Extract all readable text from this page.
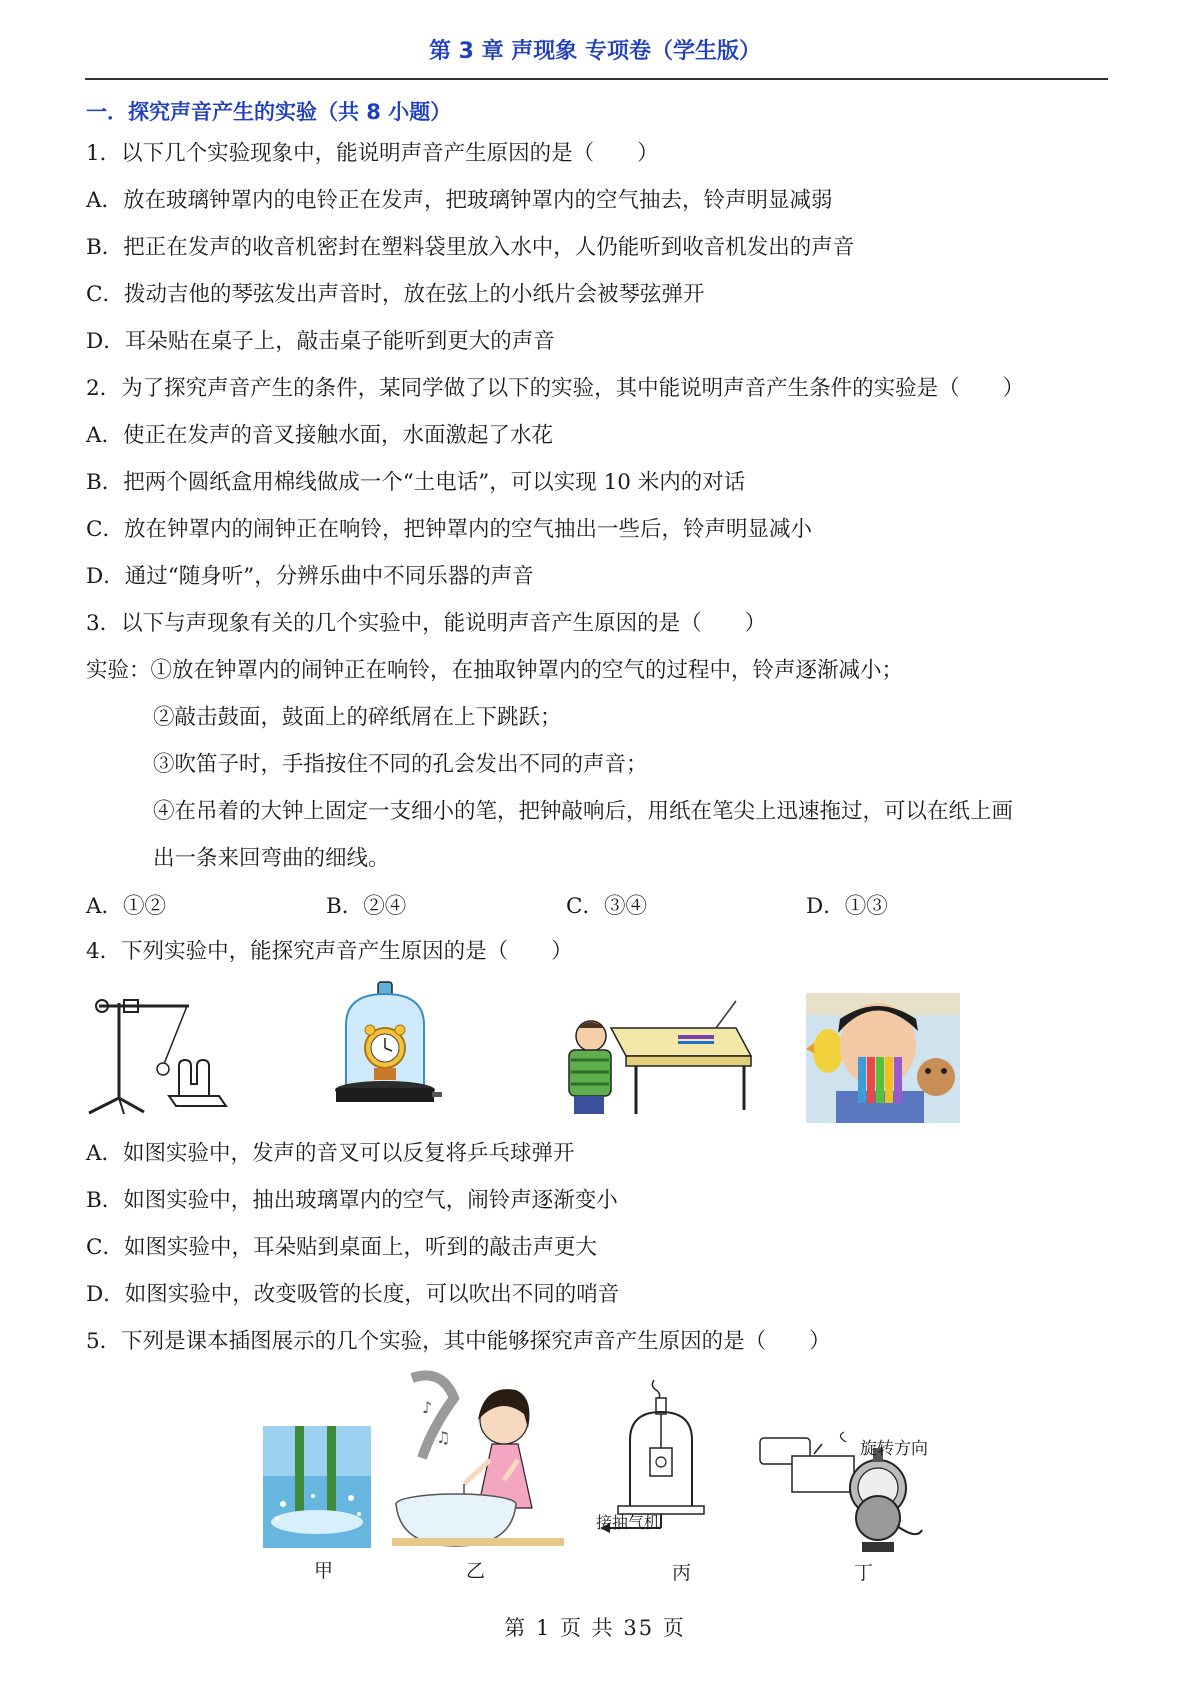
第 3 章 声现象 专项卷（学生版）
一．探究声音产生的实验（共 8 小题）
1．以下几个实验现象中，能说明声音产生原因的是（　　）
A．放在玻璃钟罩内的电铃正在发声，把玻璃钟罩内的空气抽去，铃声明显减弱
B．把正在发声的收音机密封在塑料袋里放入水中，人仍能听到收音机发出的声音
C．拨动吉他的琴弦发出声音时，放在弦上的小纸片会被琴弦弹开
D．耳朵贴在桌子上，敲击桌子能听到更大的声音
2．为了探究声音产生的条件，某同学做了以下的实验，其中能说明声音产生条件的实验是（　　）
A．使正在发声的音叉接触水面，水面激起了水花
B．把两个圆纸盒用棉线做成一个“土电话”，可以实现 10 米内的对话
C．放在钟罩内的闹钟正在响铃，把钟罩内的空气抽出一些后，铃声明显减小
D．通过“随身听”，分辨乐曲中不同乐器的声音
3．以下与声现象有关的几个实验中，能说明声音产生原因的是（　　）
实验：①放在钟罩内的闹钟正在响铃，在抽取钟罩内的空气的过程中，铃声逐渐减小；
②敲击鼓面，鼓面上的碎纸屑在上下跳跃；
③吹笛子时，手指按住不同的孔会发出不同的声音；
④在吊着的大钟上固定一支细小的笔，把钟敲响后，用纸在笔尖上迅速拖过，可以在纸上画
出一条来回弯曲的细线。
A．①②	B．②④	C．③④	D．①③
4．下列实验中，能探究声音产生原因的是（　　）
A．如图实验中，发声的音叉可以反复将乒乓球弹开
B．如图实验中，抽出玻璃罩内的空气，闹铃声逐渐变小
C．如图实验中，耳朵贴到桌面上，听到的敲击声更大
D．如图实验中，改变吸管的长度，可以吹出不同的哨音
5．下列是课本插图展示的几个实验，其中能够探究声音产生原因的是（　　）
甲
♪
♫
乙
接抽气机
丙
旋转方向
丁
第 1 页 共 35 页
